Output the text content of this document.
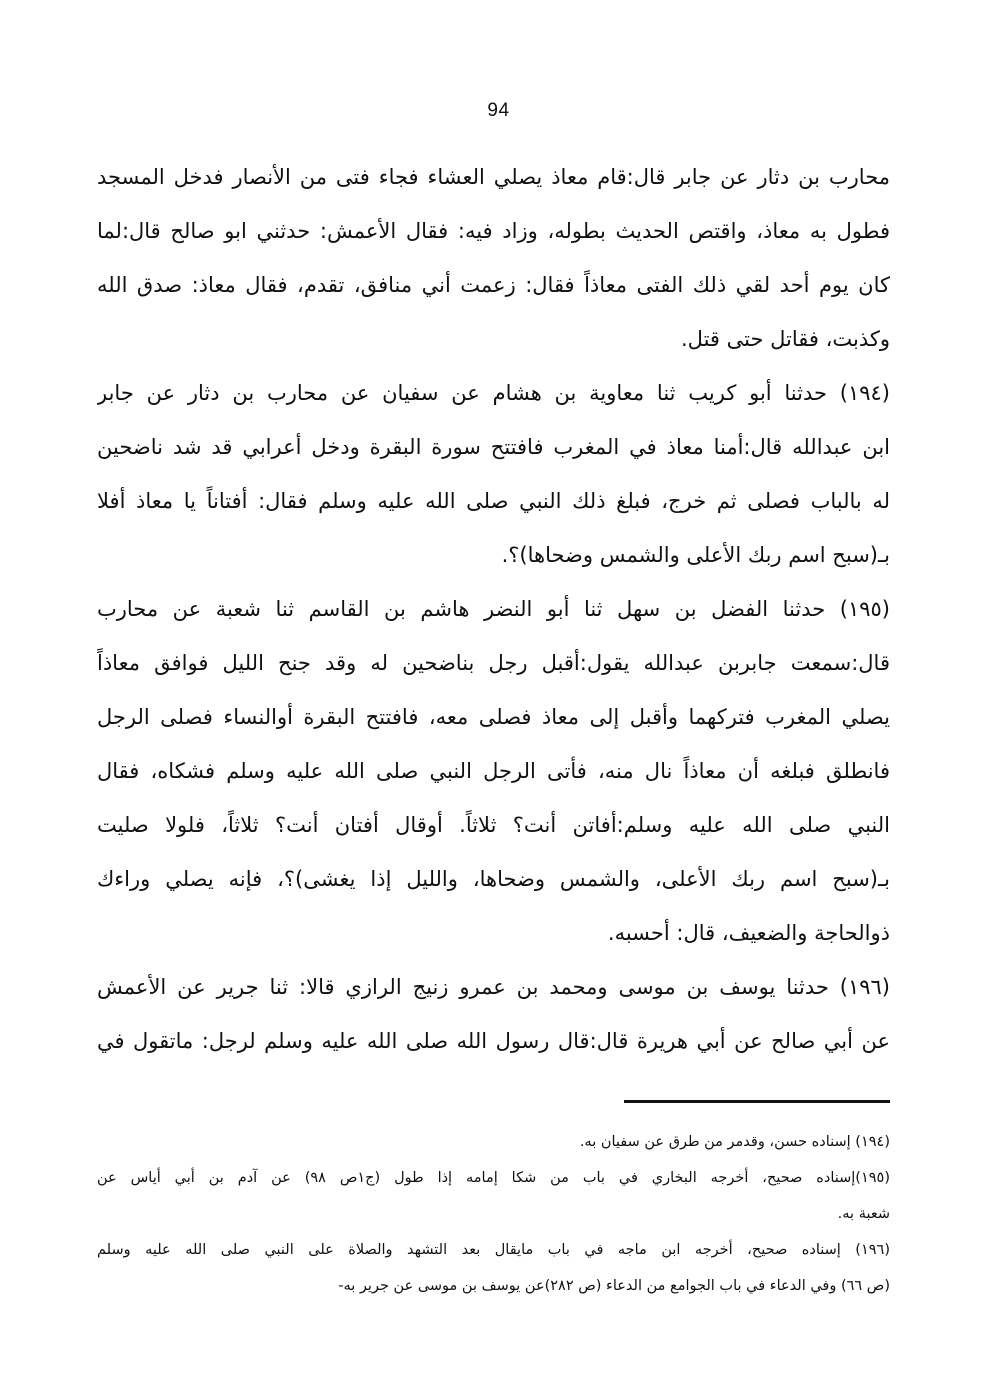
94
محارب بن دثار عن جابر قال:قام معاذ يصلي العشاء فجاء فتى من الأنصار فدخل المسجد
فطول به معاذ، واقتص الحديث بطوله، وزاد فيه: فقال الأعمش: حدثني ابو صالح قال:لما
كان يوم أحد لقي ذلك الفتى معاذاً فقال: زعمت أني منافق، تقدم، فقال معاذ: صدق الله
وكذبت، فقاتل حتى قتل.
(١٩٤) حدثنا أبو كريب ثنا معاوية بن هشام عن سفيان عن محارب بن دثار عن جابر
ابن عبدالله قال:أمنا معاذ في المغرب فافتتح سورة البقرة ودخل أعرابي قد شد ناضحين
له بالباب فصلى ثم خرج، فبلغ ذلك النبي صلى الله عليه وسلم فقال: أفتاناً يا معاذ أفلا
بـ(سبح اسم ربك الأعلى والشمس وضحاها)؟.
(١٩٥) حدثنا الفضل بن سهل ثنا أبو النضر هاشم بن القاسم ثنا شعبة عن محارب
قال:سمعت جابربن عبدالله يقول:أقبل رجل بناضحين له وقد جنح الليل فوافق معاذاً
يصلي المغرب فتركهما وأقبل إلى معاذ فصلى معه، فافتتح البقرة أوالنساء فصلى الرجل
فانطلق فبلغه أن معاذاً نال منه، فأتى الرجل النبي صلى الله عليه وسلم فشكاه، فقال
النبي صلى الله عليه وسلم:أفاتن أنت؟ ثلاثاً. أوقال أفتان أنت؟ ثلاثاً، فلولا صليت
بـ(سبح اسم ربك الأعلى، والشمس وضحاها، والليل إذا يغشى)؟، فإنه يصلي وراءك
ذوالحاجة والضعيف، قال: أحسبه.
(١٩٦) حدثنا يوسف بن موسى ومحمد بن عمرو زنيج الرازي قالا: ثنا جرير عن الأعمش
عن أبي صالح عن أبي هريرة قال:قال رسول الله صلى الله عليه وسلم لرجل: ماتقول في
(١٩٤) إسناده حسن، وقدمر من طرق عن سفيان به.
(١٩٥)إسناده صحيح، أخرجه البخاري في باب من شكا إمامه إذا طول (ج١ص ٩٨) عن آدم بن أبي أياس عن
شعبة به.
(١٩٦) إسناده صحيح، أخرجه ابن ماجه في باب مايقال بعد التشهد والصلاة على النبي صلى الله عليه وسلم
(ص ٦٦) وفي الدعاء في باب الجوامع من الدعاء (ص ٢٨٢)عن يوسف بن موسى عن جرير به-
